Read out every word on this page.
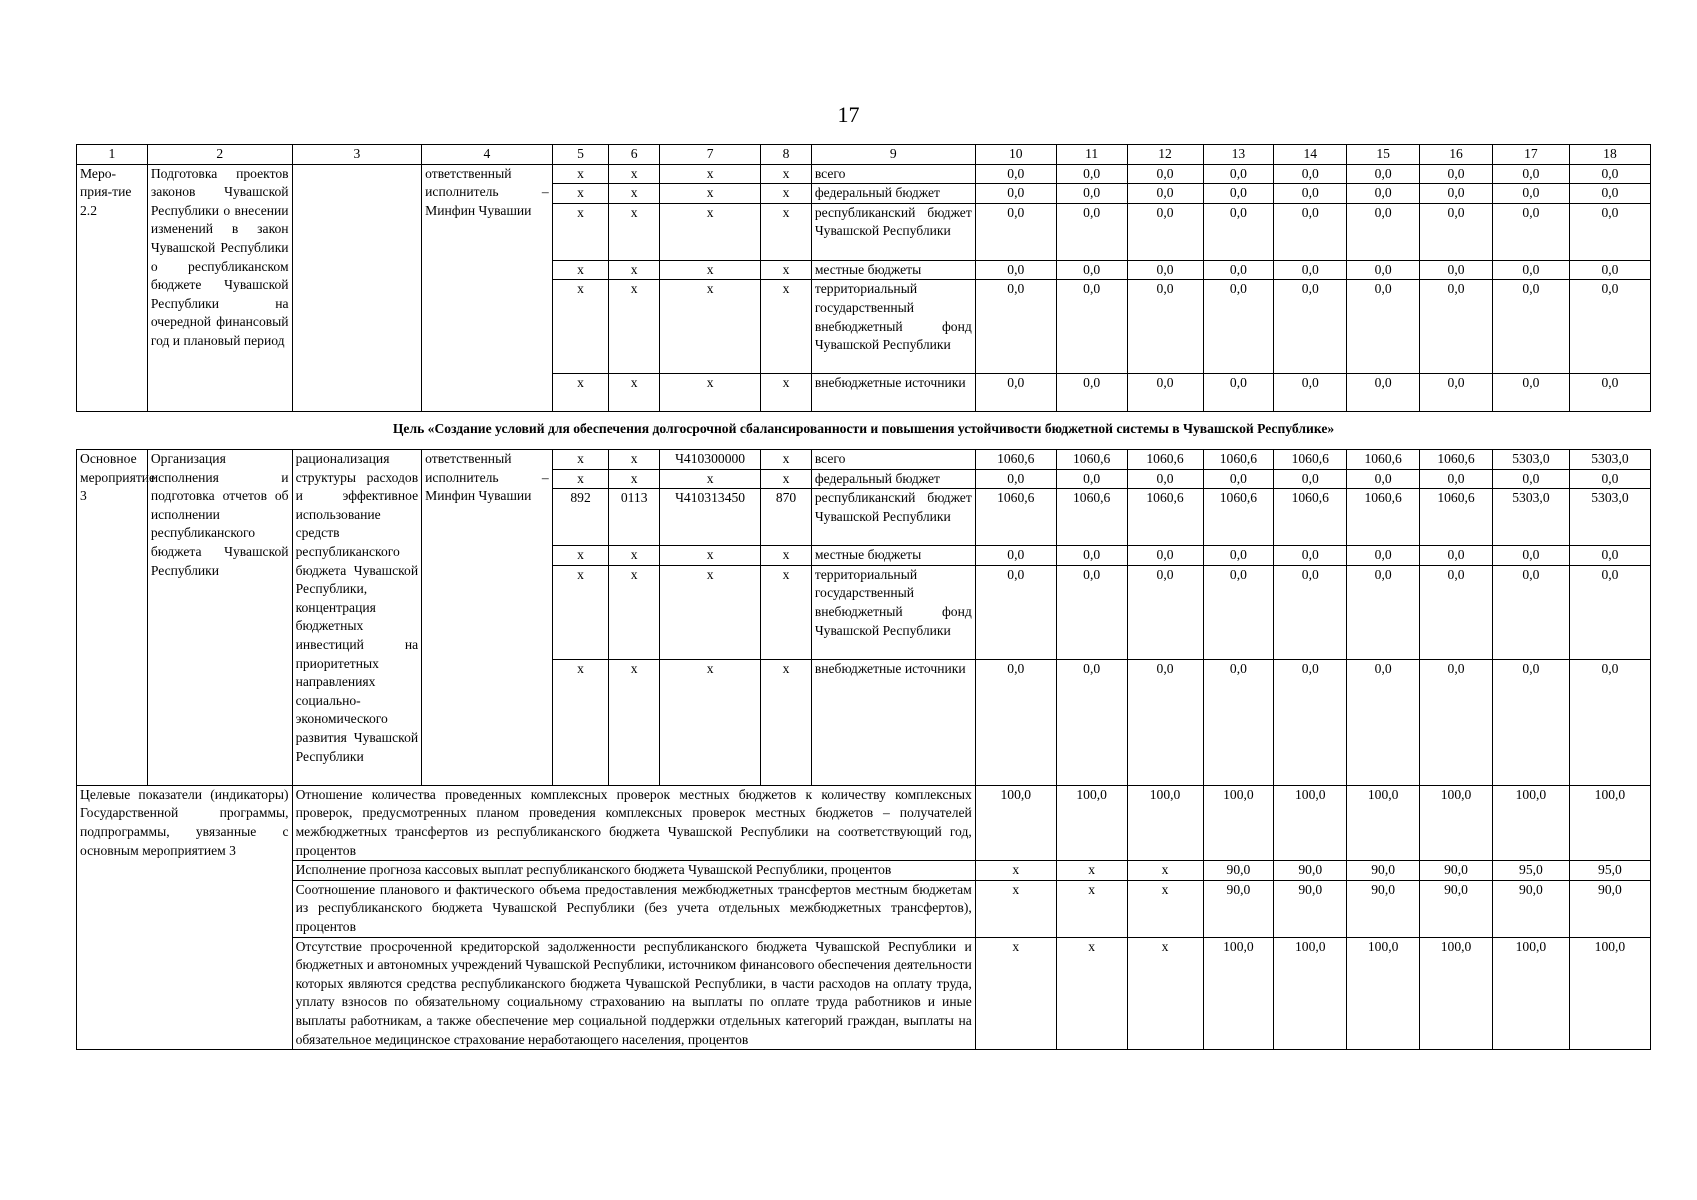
17
1	2	3	4	5	6	7	8	9	10	11	12	13	14	15	16	17	18
Меро-прия-тие 2.2	Подготовка проектов законов Чувашской Республики о внесении изменений в закон Чувашской Республики о республиканском бюджете Чувашской Республики на очередной финансовый год и плановый период		ответственный исполнитель – Минфин Чувашии	x	x	x	x	всего	0,0	0,0	0,0	0,0	0,0	0,0	0,0	0,0	0,0
				x	x	x	x	федеральный бюджет	0,0	0,0	0,0	0,0	0,0	0,0	0,0	0,0	0,0
				x	x	x	x	республиканский бюджет Чувашской Республики	0,0	0,0	0,0	0,0	0,0	0,0	0,0	0,0	0,0
				x	x	x	x	местные бюджеты	0,0	0,0	0,0	0,0	0,0	0,0	0,0	0,0	0,0
				x	x	x	x	территориальный государственный внебюджетный фонд Чувашской Республики	0,0	0,0	0,0	0,0	0,0	0,0	0,0	0,0	0,0
				x	x	x	x	внебюджетные источники	0,0	0,0	0,0	0,0	0,0	0,0	0,0	0,0	0,0
Цель «Создание условий для обеспечения долгосрочной сбалансированности и повышения устойчивости бюджетной системы в Чувашской Республике»
Основное мероприятие 3	Организация исполнения и подготовка отчетов об исполнении республиканского бюджета Чувашской Республики	рационализация структуры расходов и эффективное использование средств республиканского бюджета Чувашской Республики, концентрация бюджетных инвестиций на приоритетных направлениях социально-экономического развития Чувашской Республики	ответственный исполнитель – Минфин Чувашии	x	x	Ч410300000	x	всего	1060,6	1060,6	1060,6	1060,6	1060,6	1060,6	1060,6	5303,0	5303,0
				x	x	x	x	федеральный бюджет	0,0	0,0	0,0	0,0	0,0	0,0	0,0	0,0	0,0
				892	0113	Ч410313450	870	республиканский бюджет Чувашской Республики	1060,6	1060,6	1060,6	1060,6	1060,6	1060,6	1060,6	5303,0	5303,0
				x	x	x	x	местные бюджеты	0,0	0,0	0,0	0,0	0,0	0,0	0,0	0,0	0,0
				x	x	x	x	территориальный государственный внебюджетный фонд Чувашской Республики	0,0	0,0	0,0	0,0	0,0	0,0	0,0	0,0	0,0
				x	x	x	x	внебюджетные источники	0,0	0,0	0,0	0,0	0,0	0,0	0,0	0,0	0,0
Целевые показатели (индикаторы) Государственной программы, подпрограммы, увязанные с основным мероприятием 3		Отношение количества проведенных комплексных проверок местных бюджетов к количеству комплексных проверок, предусмотренных планом проведения комплексных проверок местных бюджетов – получателей межбюджетных трансфертов из республиканского бюджета Чувашской Республики на соответствующий год, процентов							100,0	100,0	100,0	100,0	100,0	100,0	100,0	100,0	100,0
		Исполнение прогноза кассовых выплат республиканского бюджета Чувашской Республики, процентов							x	x	x	90,0	90,0	90,0	90,0	95,0	95,0
		Соотношение планового и фактического объема предоставления межбюджетных трансфертов местным бюджетам из республиканского бюджета Чувашской Республики (без учета отдельных межбюджетных трансфертов), процентов							x	x	x	90,0	90,0	90,0	90,0	90,0	90,0
		Отсутствие просроченной кредиторской задолженности республиканского бюджета Чувашской Республики и бюджетных и автономных учреждений Чувашской Республики, источником финансового обеспечения деятельности которых являются средства республиканского бюджета Чувашской Республики, в части расходов на оплату труда, уплату взносов по обязательному социальному страхованию на выплаты по оплате труда работников и иные выплаты работникам, а также обеспечение мер социальной поддержки отдельных категорий граждан, выплаты на обязательное медицинское страхование неработающего населения, процентов							x	x	x	100,0	100,0	100,0	100,0	100,0	100,0
